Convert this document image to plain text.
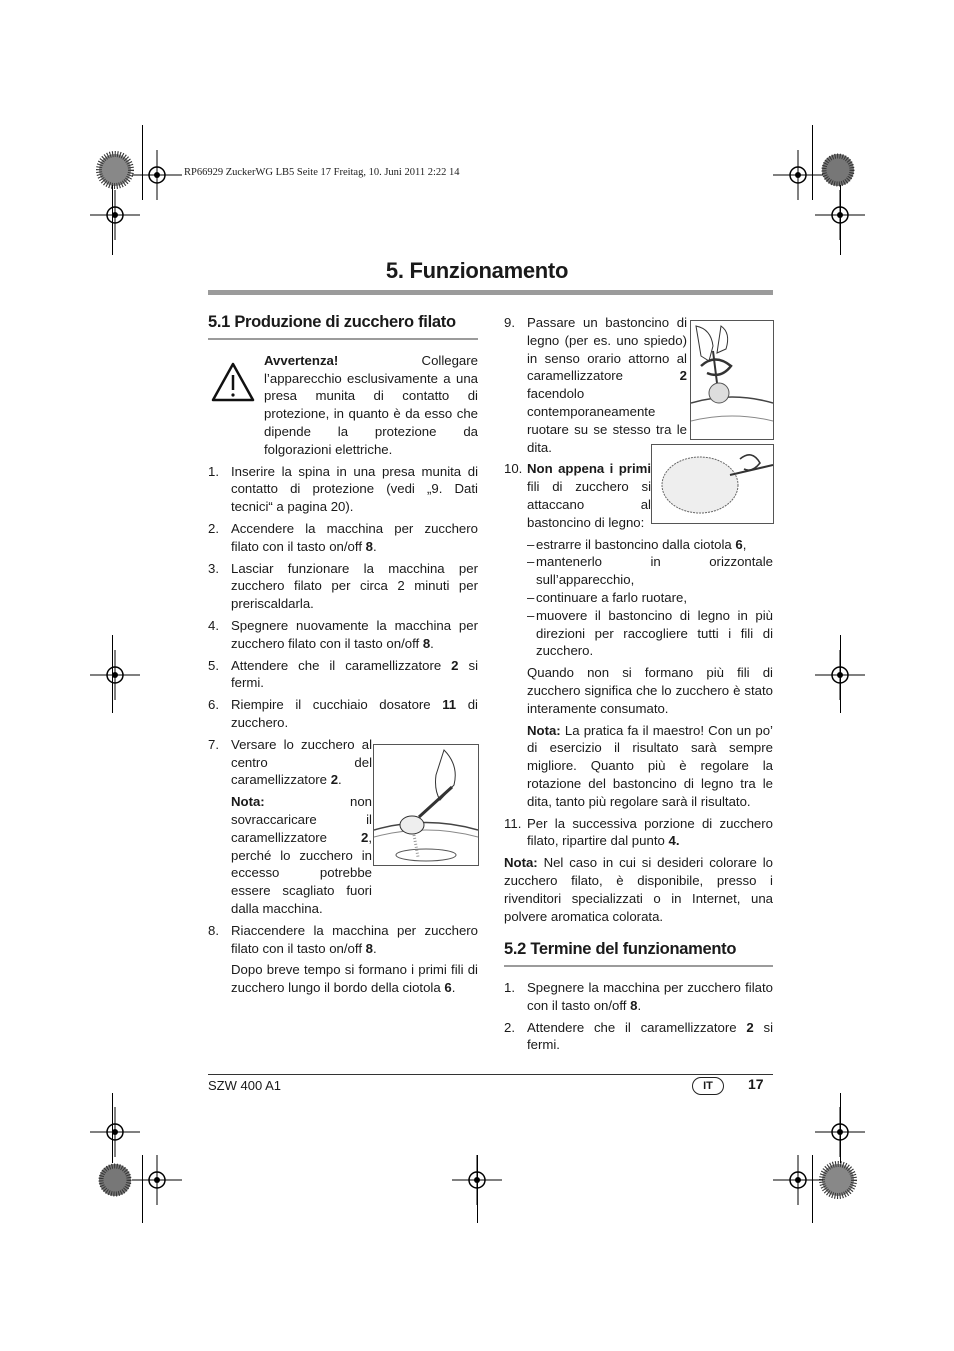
RP66929 ZuckerWG LB5 Seite 17 Freitag, 10. Juni 2011 2:22 14
5. Funzionamento
5.1 Produzione di zucchero filato
Avvertenza! Collegare l’apparecchio esclusivamente a una presa munita di contatto di protezione, in quanto è da esso che dipende la protezione da folgorazioni elettriche.
1. Inserire la spina in una presa munita di contatto di protezione (vedi „9. Dati tecnici“ a pagina 20).
2. Accendere la macchina per zucchero filato con il tasto on/off 8.
3. Lasciar funzionare la macchina per zucchero filato per circa 2 minuti per preriscaldarla.
4. Spegnere nuovamente la macchina per zucchero filato con il tasto on/off 8.
5. Attendere che il caramellizzatore 2 si fermi.
6. Riempire il cucchiaio dosatore 11 di zucchero.
7. Versare lo zucchero al centro del caramellizzatore 2.
Nota: non sovraccaricare il caramellizzatore 2, perché lo zucchero in eccesso potrebbe essere scagliato fuori dalla macchina.
8. Riaccendere la macchina per zucchero filato con il tasto on/off 8.
Dopo breve tempo si formano i primi fili di zucchero lungo il bordo della ciotola 6.
9. Passare un bastoncino di legno (per es. uno spiedo) in senso orario attorno al caramellizzatore 2 facendolo contemporaneamente ruotare su se stesso tra le dita.
10. Non appena i primi fili di zucchero si attaccano al bastoncino di legno:
– estrarre il bastoncino dalla ciotola 6,
– mantenerlo in orizzontale sull’apparecchio,
– continuare a farlo ruotare,
– muovere il bastoncino di legno in più direzioni per raccogliere tutti i fili di zucchero.
Quando non si formano più fili di zucchero significa che lo zucchero è stato interamente consumato.
Nota: La pratica fa il maestro! Con un po’ di esercizio il risultato sarà sempre migliore. Quanto più è regolare la rotazione del bastoncino di legno tra le dita, tanto più regolare sarà il risultato.
11. Per la successiva porzione di zucchero filato, ripartire dal punto 4.
Nota: Nel caso in cui si desideri colorare lo zucchero filato, è disponibile, presso i rivenditori specializzati o in Internet, una polvere aromatica colorata.
5.2 Termine del funzionamento
1. Spegnere la macchina per zucchero filato con il tasto on/off 8.
2. Attendere che il caramellizzatore 2 si fermi.
SZW 400 A1	IT	17
